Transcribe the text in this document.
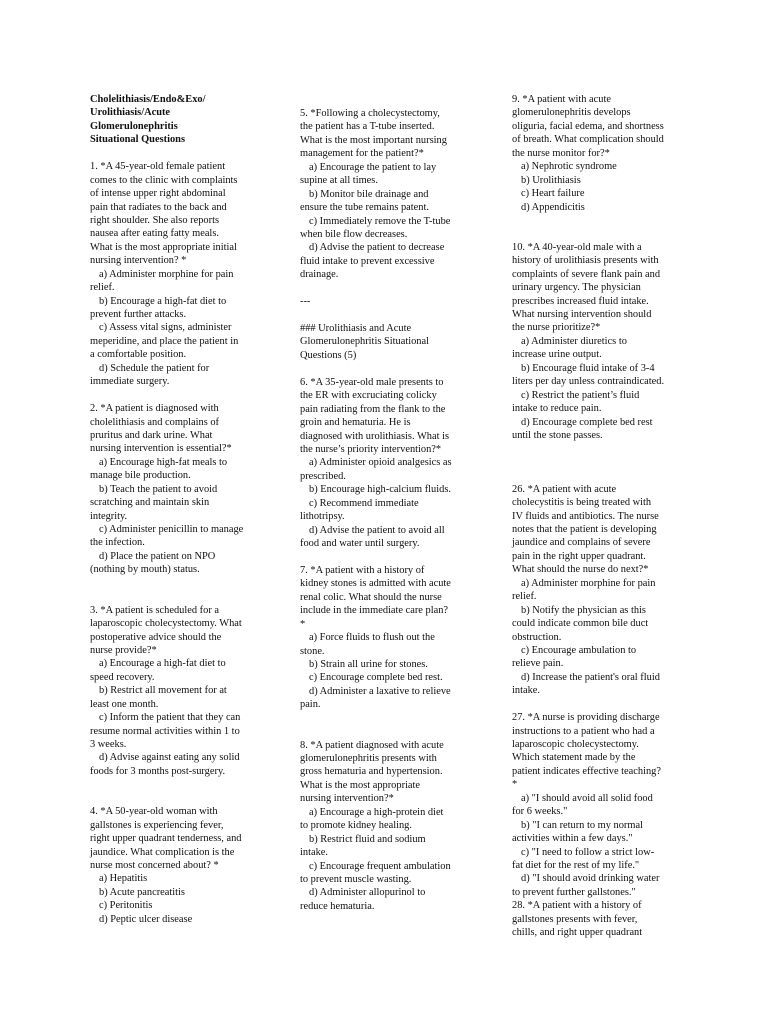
Cholelithiasis/Endo&Exo/
Urolithiasis/Acute
Glomerulonephritis
Situational Questions
1. *A 45-year-old female patient
comes to the clinic with complaints
of intense upper right abdominal
pain that radiates to the back and
right shoulder. She also reports
nausea after eating fatty meals.
What is the most appropriate initial
nursing intervention? *
a) Administer morphine for pain
relief.
b) Encourage a high-fat diet to
prevent further attacks.
c) Assess vital signs, administer
meperidine, and place the patient in
a comfortable position.
d) Schedule the patient for
immediate surgery.
2. *A patient is diagnosed with
cholelithiasis and complains of
pruritus and dark urine. What
nursing intervention is essential?*
a) Encourage high-fat meals to
manage bile production.
b) Teach the patient to avoid
scratching and maintain skin
integrity.
c) Administer penicillin to manage
the infection.
d) Place the patient on NPO
(nothing by mouth) status.
3. *A patient is scheduled for a
laparoscopic cholecystectomy. What
postoperative advice should the
nurse provide?*
a) Encourage a high-fat diet to
speed recovery.
b) Restrict all movement for at
least one month.
c) Inform the patient that they can
resume normal activities within 1 to
3 weeks.
d) Advise against eating any solid
foods for 3 months post-surgery.
4. *A 50-year-old woman with
gallstones is experiencing fever,
right upper quadrant tenderness, and
jaundice. What complication is the
nurse most concerned about? *
a) Hepatitis
b) Acute pancreatitis
c) Peritonitis
d) Peptic ulcer disease
5. *Following a cholecystectomy,
the patient has a T-tube inserted.
What is the most important nursing
management for the patient?*
a) Encourage the patient to lay
supine at all times.
b) Monitor bile drainage and
ensure the tube remains patent.
c) Immediately remove the T-tube
when bile flow decreases.
d) Advise the patient to decrease
fluid intake to prevent excessive
drainage.
---
### Urolithiasis and Acute
Glomerulonephritis Situational
Questions (5)
6. *A 35-year-old male presents to
the ER with excruciating colicky
pain radiating from the flank to the
groin and hematuria. He is
diagnosed with urolithiasis. What is
the nurse’s priority intervention?*
a) Administer opioid analgesics as
prescribed.
b) Encourage high-calcium fluids.
c) Recommend immediate
lithotripsy.
d) Advise the patient to avoid all
food and water until surgery.
7. *A patient with a history of
kidney stones is admitted with acute
renal colic. What should the nurse
include in the immediate care plan?
*
a) Force fluids to flush out the
stone.
b) Strain all urine for stones.
c) Encourage complete bed rest.
d) Administer a laxative to relieve
pain.
8. *A patient diagnosed with acute
glomerulonephritis presents with
gross hematuria and hypertension.
What is the most appropriate
nursing intervention?*
a) Encourage a high-protein diet
to promote kidney healing.
b) Restrict fluid and sodium
intake.
c) Encourage frequent ambulation
to prevent muscle wasting.
d) Administer allopurinol to
reduce hematuria.
9. *A patient with acute
glomerulonephritis develops
oliguria, facial edema, and shortness
of breath. What complication should
the nurse monitor for?*
a) Nephrotic syndrome
b) Urolithiasis
c) Heart failure
d) Appendicitis
10. *A 40-year-old male with a
history of urolithiasis presents with
complaints of severe flank pain and
urinary urgency. The physician
prescribes increased fluid intake.
What nursing intervention should
the nurse prioritize?*
a) Administer diuretics to
increase urine output.
b) Encourage fluid intake of 3-4
liters per day unless contraindicated.
c) Restrict the patient’s fluid
intake to reduce pain.
d) Encourage complete bed rest
until the stone passes.
26. *A patient with acute
cholecystitis is being treated with
IV fluids and antibiotics. The nurse
notes that the patient is developing
jaundice and complains of severe
pain in the right upper quadrant.
What should the nurse do next?*
a) Administer morphine for pain
relief.
b) Notify the physician as this
could indicate common bile duct
obstruction.
c) Encourage ambulation to
relieve pain.
d) Increase the patient's oral fluid
intake.
27. *A nurse is providing discharge
instructions to a patient who had a
laparoscopic cholecystectomy.
Which statement made by the
patient indicates effective teaching?
*
a) "I should avoid all solid food
for 6 weeks."
b) "I can return to my normal
activities within a few days."
c) "I need to follow a strict low-
fat diet for the rest of my life."
d) "I should avoid drinking water
to prevent further gallstones."
28. *A patient with a history of
gallstones presents with fever,
chills, and right upper quadrant
